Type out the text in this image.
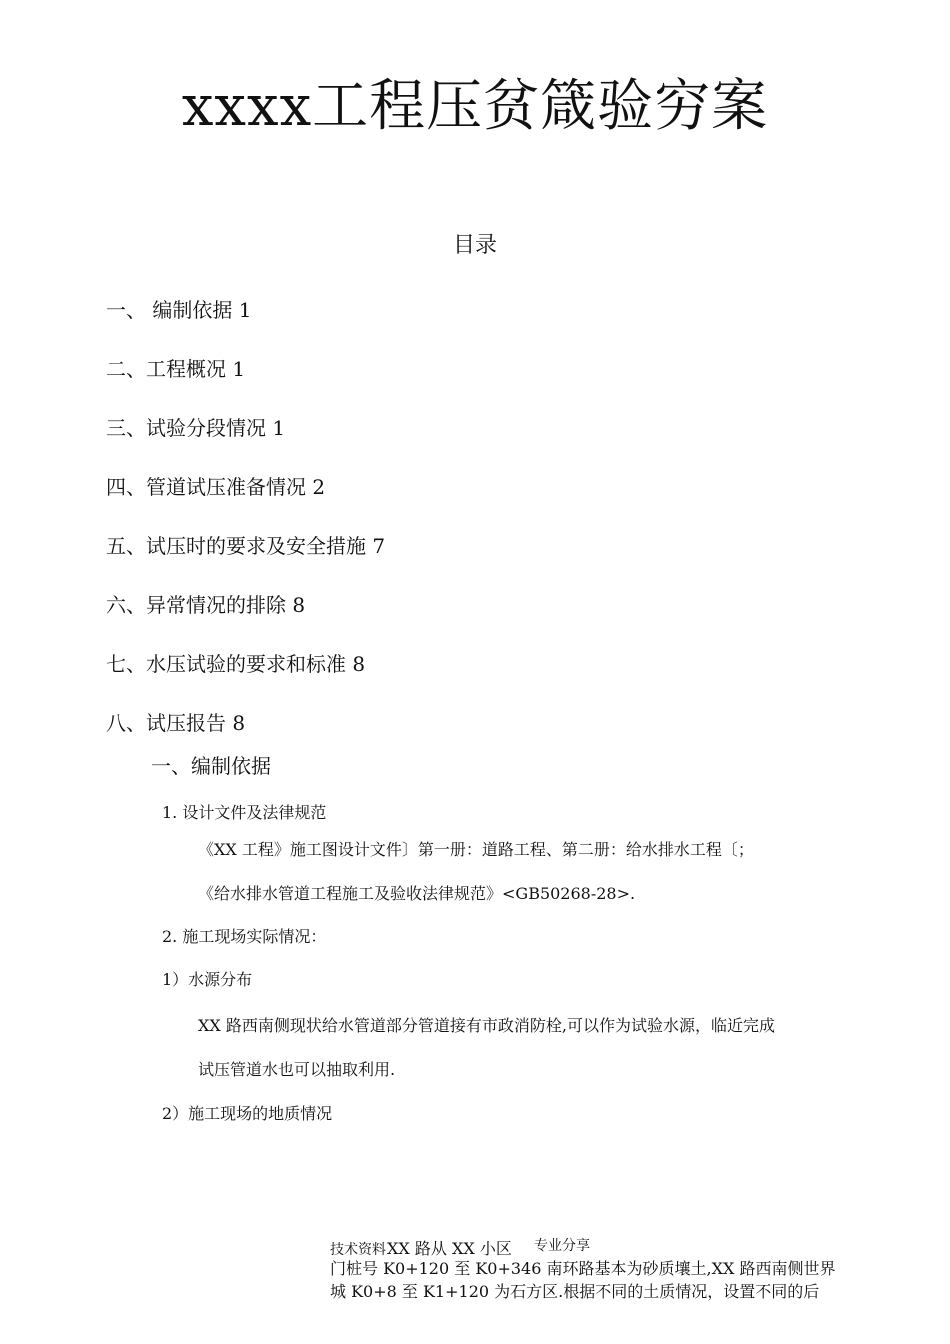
xxxx工程压贫箴验穷案
目录
一、 编制依据 1
二、工程概况 1
三、试验分段情况 1
四、管道试压准备情况 2
五、试压时的要求及安全措施 7
六、异常情况的排除 8
七、水压试验的要求和标准 8
八、试压报告 8
一、编制依据
1. 设计文件及法律规范
《XX 工程》施工图设计文件〕第一册：道路工程、第二册：给水排水工程〔；
《给水排水管道工程施工及验收法律规范》<GB50268-28>.
2. 施工现场实际情况：
1）水源分布
XX 路西南侧现状给水管道部分管道接有市政消防栓,可以作为试验水源，临近完成
试压管道水也可以抽取利用.
2）施工现场的地质情况
技术资料 XX 路从 XX 小区 专业分享
门桩号 K0+120 至 K0+346 南环路基本为砂质壤土,XX 路西南侧世界
城 K0+8 至 K1+120 为石方区.根据不同的土质情况，设置不同的后
